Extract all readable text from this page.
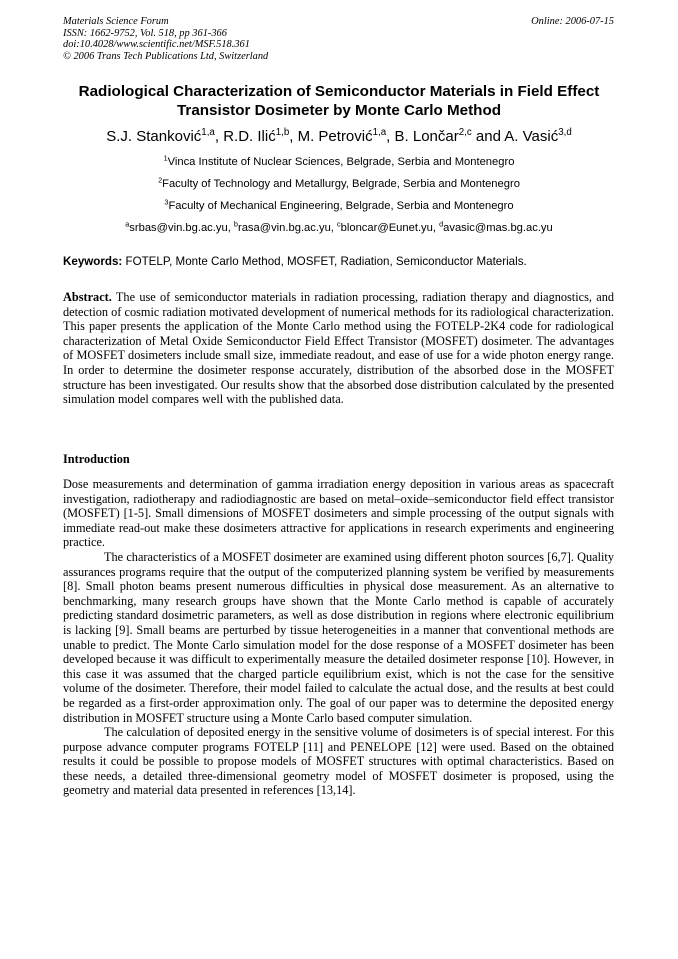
Materials Science Forum
ISSN: 1662-9752, Vol. 518, pp 361-366
doi:10.4028/www.scientific.net/MSF.518.361
© 2006 Trans Tech Publications Ltd, Switzerland
Online: 2006-07-15
Radiological Characterization of Semiconductor Materials in Field Effect
Transistor Dosimeter by Monte Carlo Method
S.J. Stanković$^{1,a}$, R.D. Ilić$^{1,b}$, M. Petrović$^{1,a}$, B. Lončar$^{2,c}$ and A. Vasić$^{3,d}$
$^1$Vinca Institute of Nuclear Sciences, Belgrade, Serbia and Montenegro
$^2$Faculty of Technology and Metallurgy, Belgrade, Serbia and Montenegro
$^3$Faculty of Mechanical Engineering, Belgrade, Serbia and Montenegro
$^a$srbas@vin.bg.ac.yu, $^b$rasa@vin.bg.ac.yu, $^c$bloncar@Eunet.yu, $^d$avasic@mas.bg.ac.yu
Keywords: FOTELP, Monte Carlo Method, MOSFET, Radiation, Semiconductor Materials.

Abstract. The use of semiconductor materials in radiation processing, radiation therapy and diagnostics, and detection of cosmic radiation motivated development of numerical methods for its radiological characterization. This paper presents the application of the Monte Carlo method using the FOTELP-2K4 code for radiological characterization of Metal Oxide Semiconductor Field Effect Transistor (MOSFET) dosimeter. The advantages of MOSFET dosimeters include small size, immediate readout, and ease of use for a wide photon energy range. In order to determine the dosimeter response accurately, distribution of the absorbed dose in the MOSFET structure has been investigated. Our results show that the absorbed dose distribution calculated by the presented simulation model compares well with the published data.

Introduction

Dose measurements and determination of gamma irradiation energy deposition in various areas as spacecraft investigation, radiotherapy and radiodiagnostic are based on metal–oxide–semiconductor field effect transistor (MOSFET) [1-5]. Small dimensions of MOSFET dosimeters and simple processing of the output signals with immediate read-out make these dosimeters attractive for applications in research experiments and engineering practice.

The characteristics of a MOSFET dosimeter are examined using different photon sources [6,7]. Quality assurances programs require that the output of the computerized planning system be verified by measurements [8]. Small photon beams present numerous difficulties in physical dose measurement. As an alternative to benchmarking, many research groups have shown that the Monte Carlo method is capable of accurately predicting standard dosimetric parameters, as well as dose distribution in regions where electronic equilibrium is lacking [9]. Small beams are perturbed by tissue heterogeneities in a manner that conventional methods are unable to predict. The Monte Carlo simulation model for the dose response of a MOSFET dosimeter has been developed because it was difficult to experimentally measure the detailed dosimeter response [10]. However, in this case it was assumed that the charged particle equilibrium exist, which is not the case for the sensitive volume of the dosimeter. Therefore, their model failed to calculate the actual dose, and the results at best could be regarded as a first-order approximation only. The goal of our paper was to determine the deposited energy distribution in MOSFET structure using a Monte Carlo based computer simulation.

The calculation of deposited energy in the sensitive volume of dosimeters is of special interest. For this purpose advance computer programs FOTELP [11] and PENELOPE [12] were used. Based on the obtained results it could be possible to propose models of MOSFET structures with optimal characteristics. Based on these needs, a detailed three-dimensional geometry model of MOSFET dosimeter is proposed, using the geometry and material data presented in references [13,14].
